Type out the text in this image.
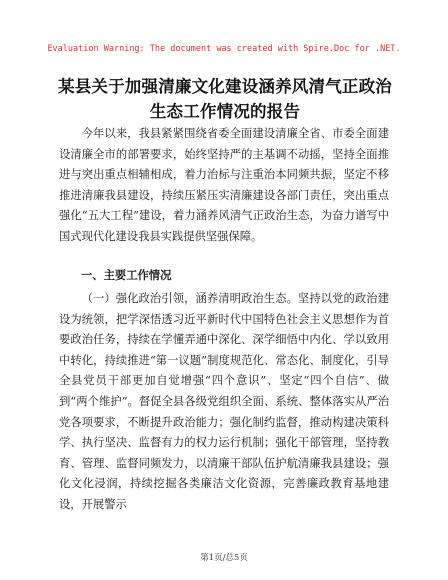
Evaluation Warning: The document was created with Spire.Doc for .NET.
某县关于加强清廉文化建设涵养风清气正政治
生态工作情况的报告

今年以来，我县紧紧围绕省委全面建设清廉全省、市委全面建设清廉全市的部署要求，始终坚持严的主基调不动摇，坚持全面推进与突出重点相辅相成，着力治标与注重治本同频共振，坚定不移推进清廉我县建设，持续压紧压实清廉建设各部门责任，突出重点强化“五大工程”建设，着力涵养风清气正政治生态，为奋力谱写中国式现代化建设我县实践提供坚强保障。

一、主要工作情况

（一）强化政治引领，涵养清明政治生态。坚持以党的政治建设为统领，把学深悟透习近平新时代中国特色社会主义思想作为首要政治任务，持续在学懂弄通中深化、深学细悟中内化、学以致用中转化，持续推进“第一议题”制度规范化、常态化、制度化，引导全县党员干部更加自觉增强“四个意识”、坚定“四个自信”、做到“两个维护”。督促全县各级党组织全面、系统、整体落实从严治党各项要求，不断提升政治能力；强化制约监督，推动构建决策科学、执行坚决、监督有力的权力运行机制；强化干部管理，坚持教育、管理、监督同频发力，以清廉干部队伍护航清廉我县建设；强化文化浸润，持续挖掘各类廉洁文化资源，完善廉政教育基地建设，开展警示

第1页/总5页
